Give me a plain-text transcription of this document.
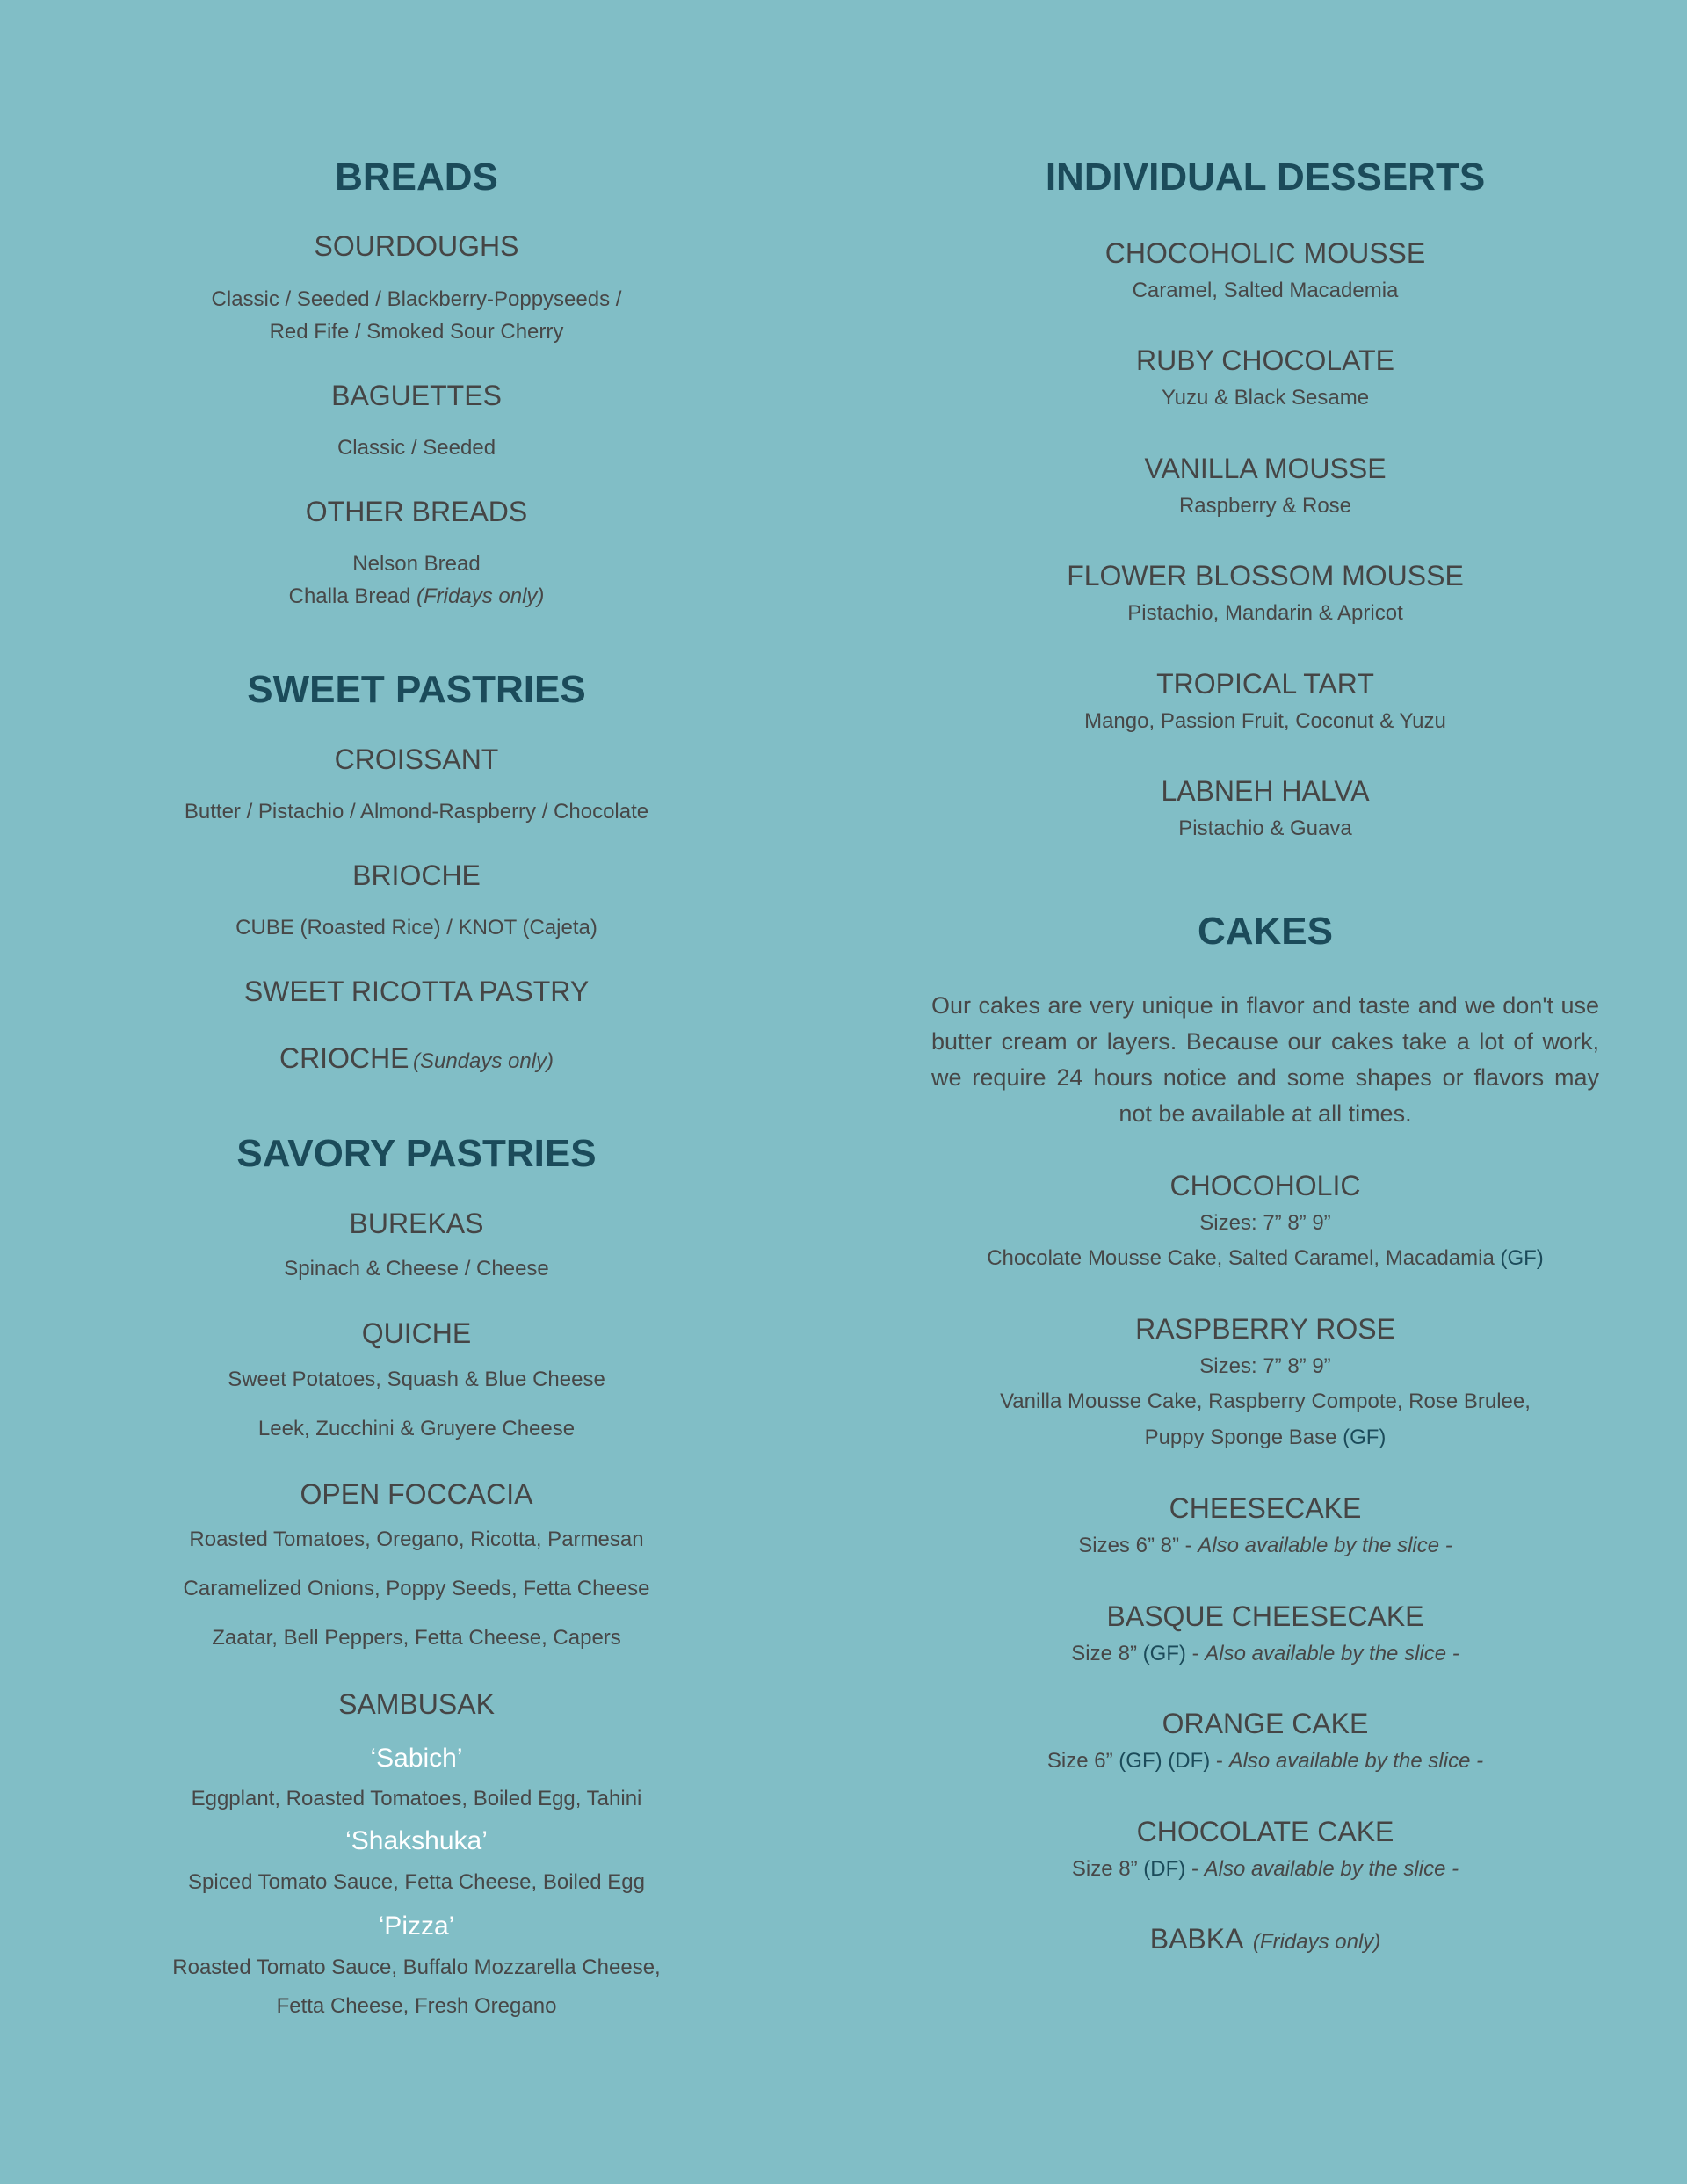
BREADS
SOURDOUGHS
Classic / Seeded / Blackberry-Poppyseeds /
Red Fife / Smoked Sour Cherry
BAGUETTES
Classic / Seeded
OTHER BREADS
Nelson Bread
Challa Bread (Fridays only)
SWEET PASTRIES
CROISSANT
Butter / Pistachio / Almond-Raspberry / Chocolate
BRIOCHE
CUBE (Roasted Rice) / KNOT (Cajeta)
SWEET RICOTTA PASTRY
CRIOCHE (Sundays only)
SAVORY PASTRIES
BUREKAS
Spinach & Cheese / Cheese
QUICHE
Sweet Potatoes, Squash & Blue Cheese
Leek, Zucchini & Gruyere Cheese
OPEN FOCCACIA
Roasted Tomatoes, Oregano, Ricotta, Parmesan
Caramelized Onions, Poppy Seeds, Fetta Cheese
Zaatar, Bell Peppers, Fetta Cheese, Capers
SAMBUSAK
‘Sabich’
Eggplant, Roasted Tomatoes, Boiled Egg, Tahini
‘Shakshuka’
Spiced Tomato Sauce, Fetta Cheese, Boiled Egg
‘Pizza’
Roasted Tomato Sauce, Buffalo Mozzarella Cheese,
Fetta Cheese, Fresh Oregano
INDIVIDUAL DESSERTS
CHOCOHOLIC MOUSSE
Caramel, Salted Macademia
RUBY CHOCOLATE
Yuzu & Black Sesame
VANILLA MOUSSE
Raspberry & Rose
FLOWER BLOSSOM MOUSSE
Pistachio, Mandarin & Apricot
TROPICAL TART
Mango, Passion Fruit, Coconut & Yuzu
LABNEH HALVA
Pistachio & Guava
CAKES

Our cakes are very unique in flavor and taste and we don't use butter cream or layers. Because our cakes take a lot of work, we require 24 hours notice and some shapes or flavors may not be available at all times.

CHOCOHOLIC
Sizes: 7” 8” 9”
Chocolate Mousse Cake, Salted Caramel, Macadamia (GF)
RASPBERRY ROSE
Sizes: 7” 8” 9”
Vanilla Mousse Cake, Raspberry Compote, Rose Brulee,
Puppy Sponge Base (GF)
CHEESECAKE
Sizes 6” 8” - Also available by the slice -
BASQUE CHEESECAKE
Size 8” (GF) - Also available by the slice -
ORANGE CAKE
Size 6” (GF) (DF) - Also available by the slice -
CHOCOLATE CAKE
Size 8” (DF) - Also available by the slice -
BABKA (Fridays only)
